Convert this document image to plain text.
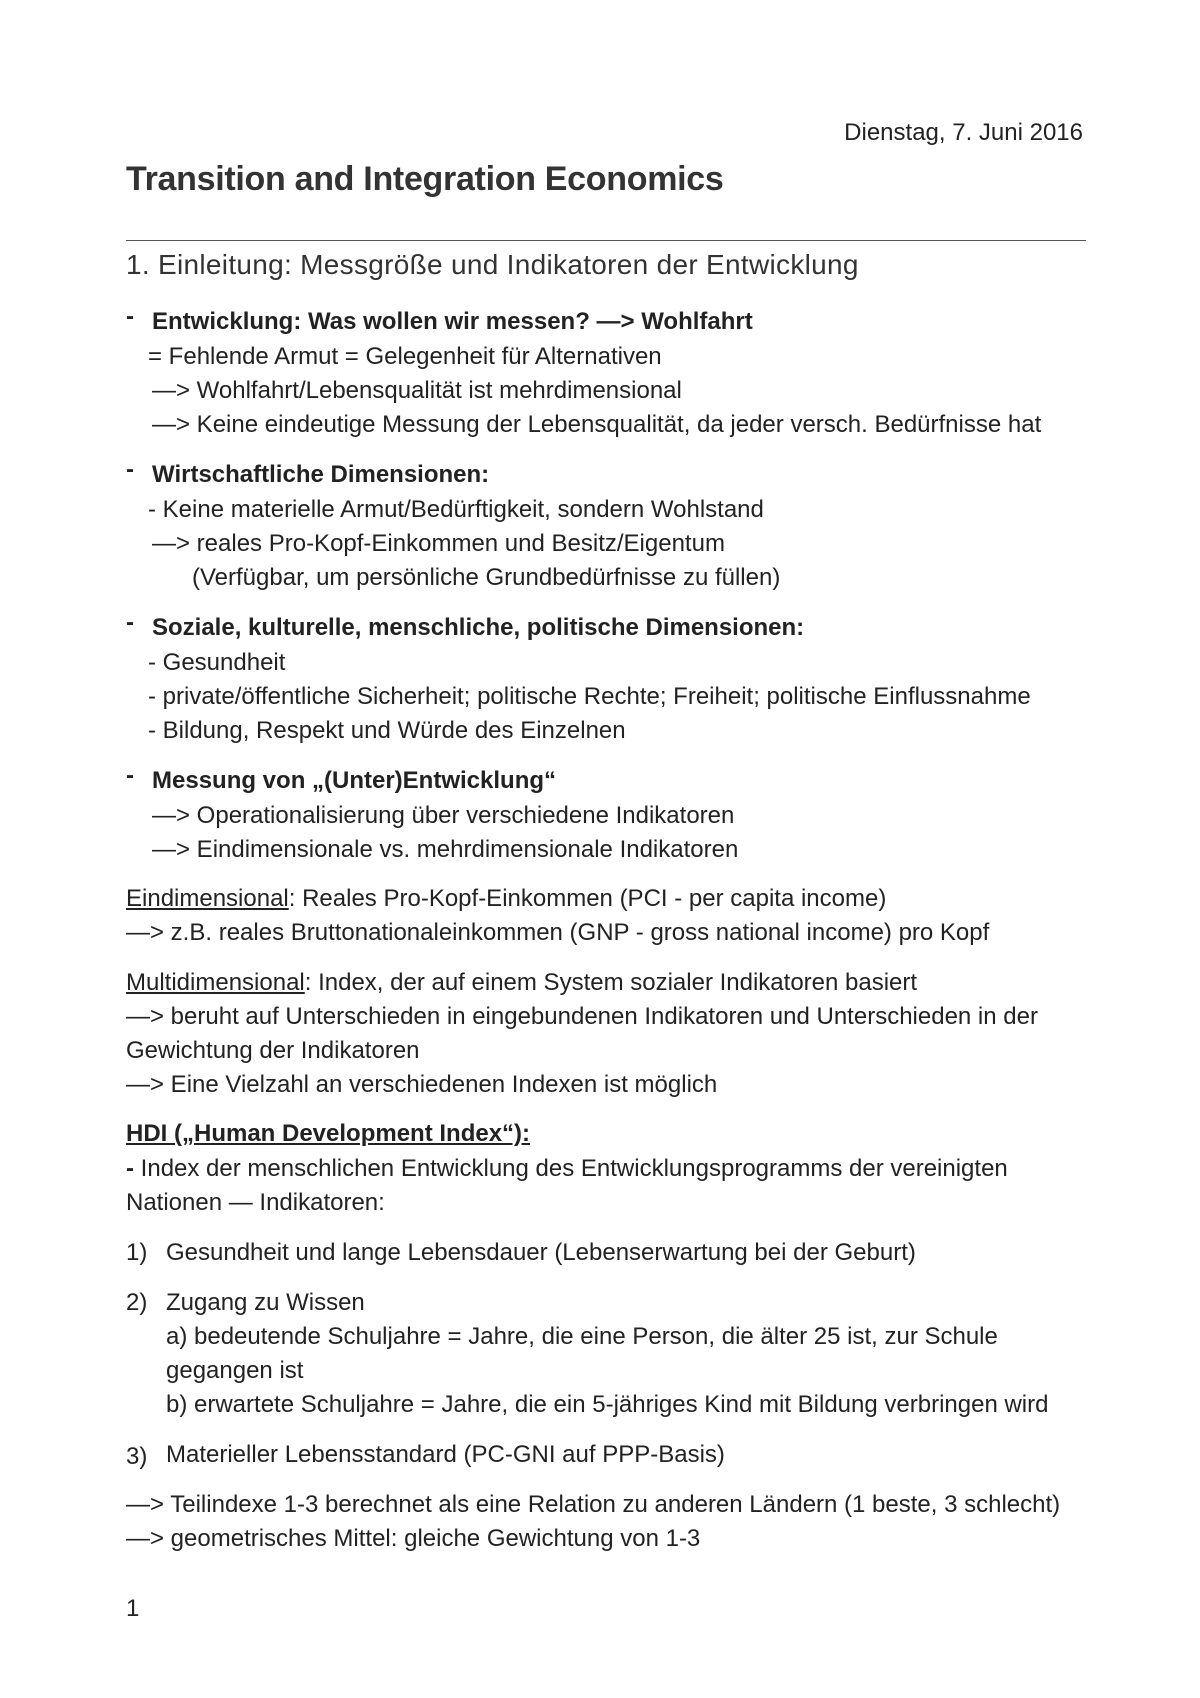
Dienstag, 7. Juni 2016
Transition and Integration Economics
1. Einleitung: Messgröße und Indikatoren der Entwicklung
- Entwicklung: Was wollen wir messen? —> Wohlfahrt
= Fehlende Armut = Gelegenheit für Alternativen
—> Wohlfahrt/Lebensqualität ist mehrdimensional
—> Keine eindeutige Messung der Lebensqualität, da jeder versch. Bedürfnisse hat
- Wirtschaftliche Dimensionen:
- Keine materielle Armut/Bedürftigkeit, sondern Wohlstand
—> reales Pro-Kopf-Einkommen und Besitz/Eigentum
(Verfügbar, um persönliche Grundbedürfnisse zu füllen)
- Soziale, kulturelle, menschliche, politische Dimensionen:
- Gesundheit
- private/öffentliche Sicherheit; politische Rechte; Freiheit; politische Einflussnahme
- Bildung, Respekt und Würde des Einzelnen
- Messung von „(Unter)Entwicklung“
—> Operationalisierung über verschiedene Indikatoren
—> Eindimensionale vs. mehrdimensionale Indikatoren
Eindimensional: Reales Pro-Kopf-Einkommen (PCI - per capita income)
—> z.B. reales Bruttonationaleinkommen (GNP - gross national income) pro Kopf
Multidimensional: Index, der auf einem System sozialer Indikatoren basiert
—> beruht auf Unterschieden in eingebundenen Indikatoren und Unterschieden in der
Gewichtung der Indikatoren
—> Eine Vielzahl an verschiedenen Indexen ist möglich
HDI („Human Development Index“):
- Index der menschlichen Entwicklung des Entwicklungsprogramms der vereinigten
Nationen — Indikatoren:
1) Gesundheit und lange Lebensdauer (Lebenserwartung bei der Geburt)
2) Zugang zu Wissen
a) bedeutende Schuljahre = Jahre, die eine Person, die älter 25 ist, zur Schule
gegangen ist
b) erwartete Schuljahre = Jahre, die ein 5-jähriges Kind mit Bildung verbringen wird
3) Materieller Lebensstandard (PC-GNI auf PPP-Basis)
—> Teilindexe 1-3 berechnet als eine Relation zu anderen Ländern (1 beste, 3 schlecht)
—> geometrisches Mittel: gleiche Gewichtung von 1-3
1
